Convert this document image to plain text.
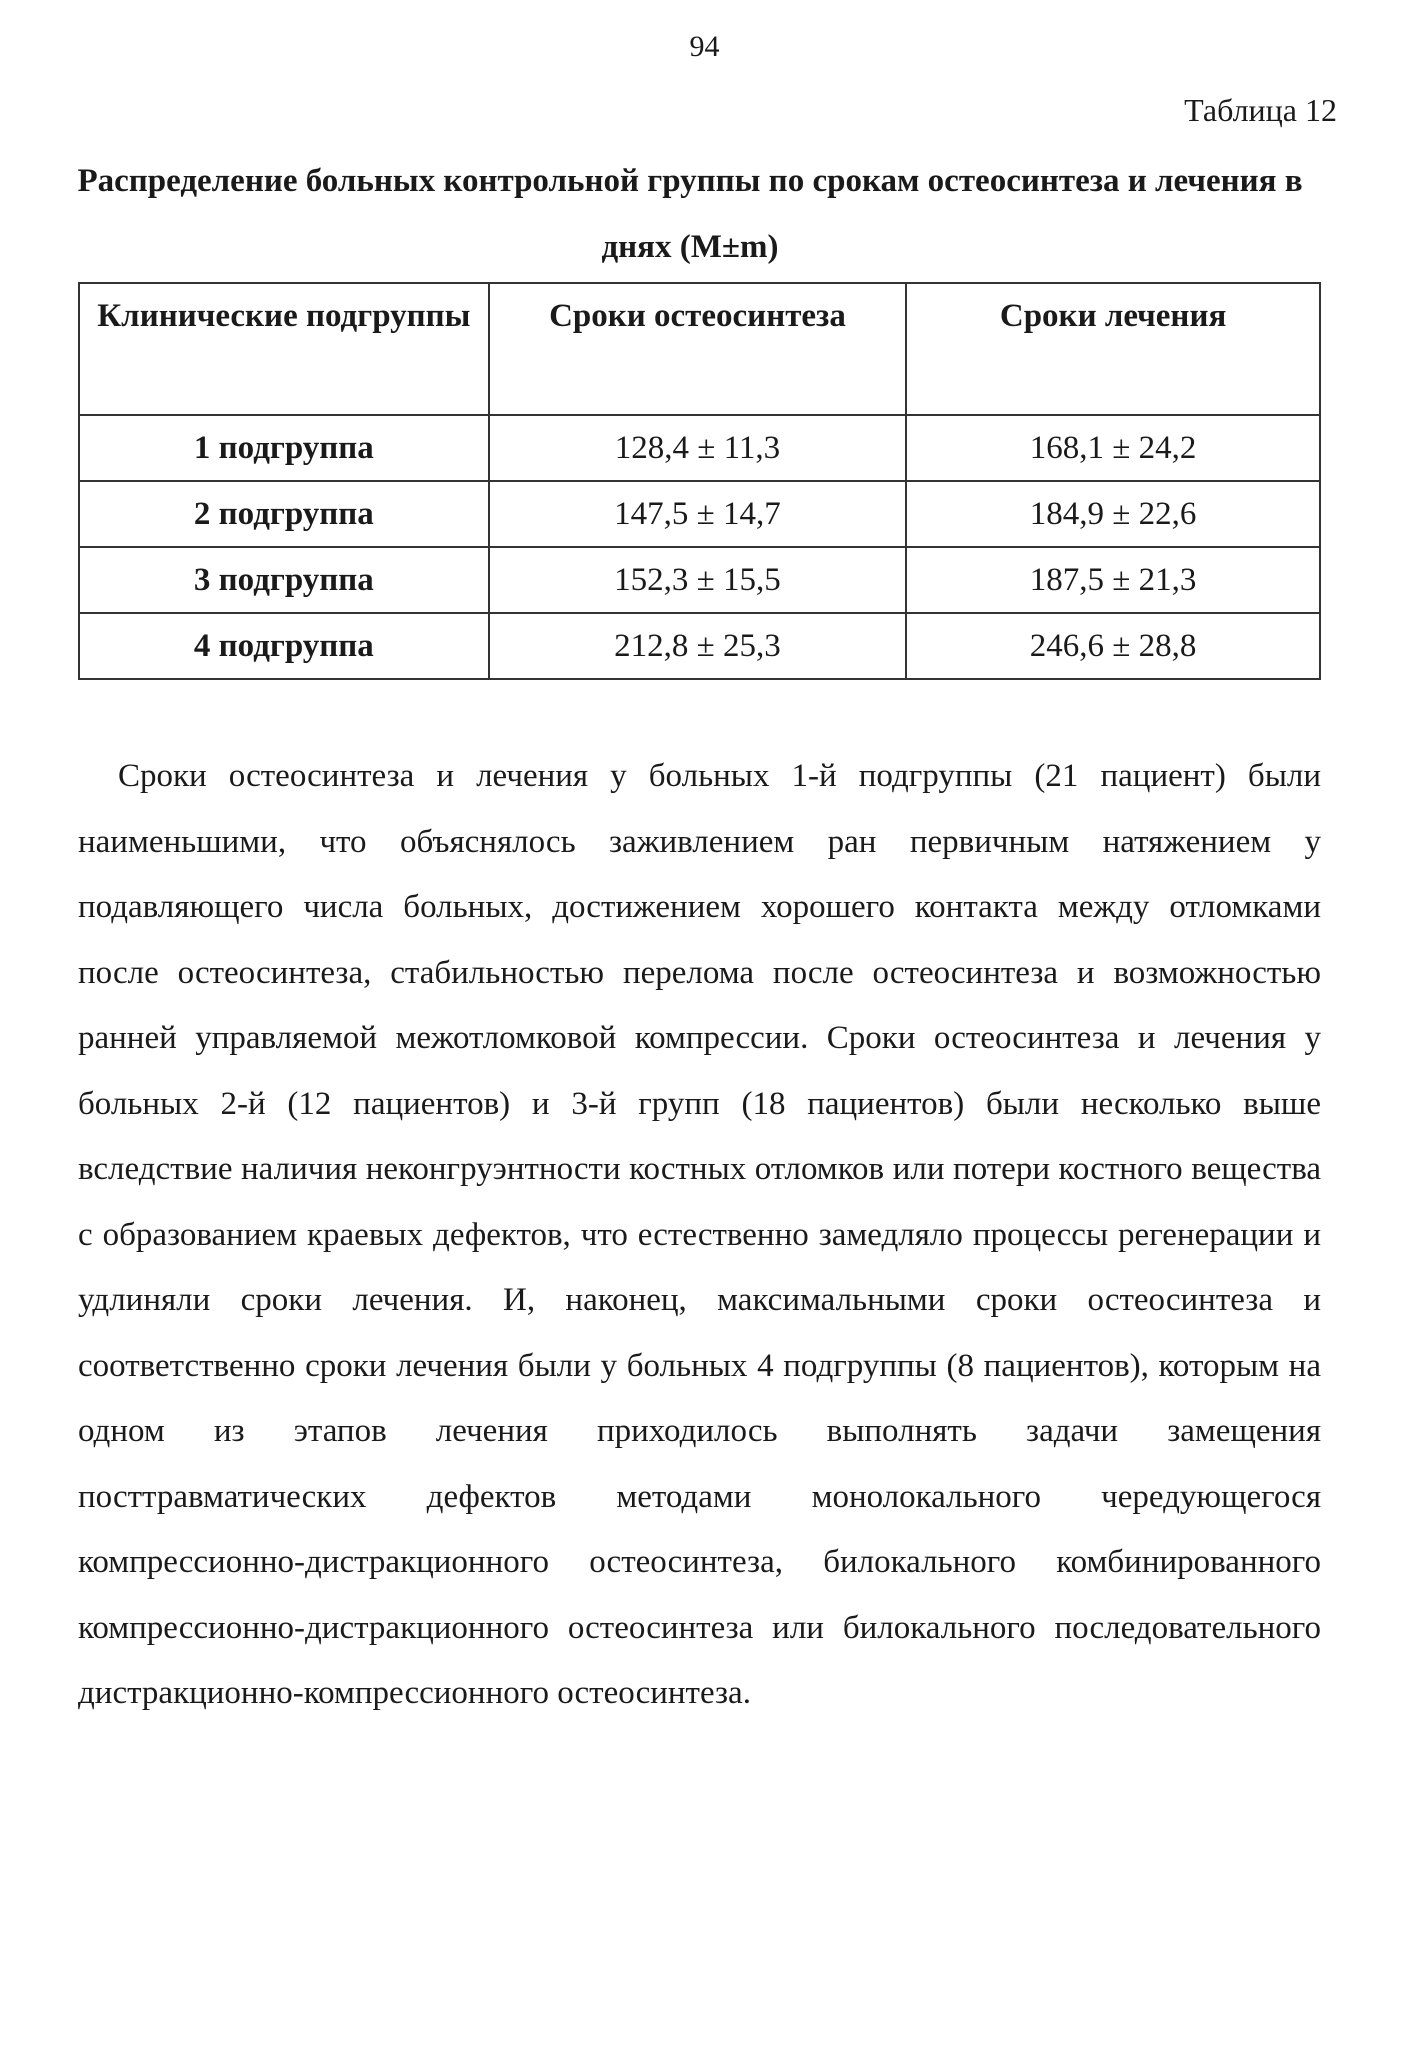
94
Таблица 12
Распределение больных контрольной группы по срокам остеосинтеза и лечения в днях (M±m)
Клинические подгруппы	Сроки остеосинтеза	Сроки лечения
1 подгруппа	128,4 ± 11,3	168,1 ± 24,2
2 подгруппа	147,5 ± 14,7	184,9 ± 22,6
3 подгруппа	152,3 ± 15,5	187,5 ± 21,3
4 подгруппа	212,8 ± 25,3	246,6 ± 28,8

Сроки остеосинтеза и лечения у больных 1-й подгруппы (21 пациент) были наименьшими, что объяснялось заживлением ран первичным натяжением у подавляющего числа больных, достижением хорошего контакта между отломками после остеосинтеза, стабильностью перелома после остеосинтеза и возможностью ранней управляемой межотломковой компрессии. Сроки остеосинтеза и лечения у больных 2-й (12 пациентов) и 3-й групп (18 пациентов) были несколько выше вследствие наличия неконгруэнтности костных отломков или потери костного вещества с образованием краевых дефектов, что естественно замедляло процессы регенерации и удлиняли сроки лечения. И, наконец, максимальными сроки остеосинтеза и соответственно сроки лечения были у больных 4 подгруппы (8 пациентов), которым на одном из этапов лечения приходилось выполнять задачи замещения посттравматических дефектов методами монолокального чередующегося компрессионно-дистракционного остеосинтеза, билокального комбинированного компрессионно-дистракционного остеосинтеза или билокального последовательного дистракционно-компрессионного остеосинтеза.
